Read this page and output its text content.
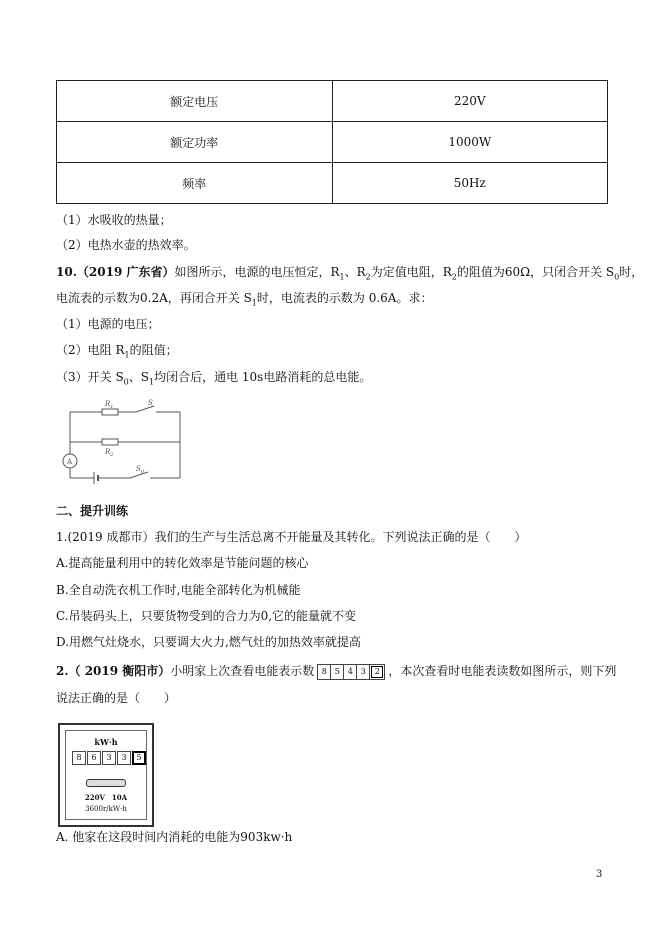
额定电压	220V
额定功率	1000W
频率	50Hz
（1）水吸收的热量；
（2）电热水壶的热效率。
10.（2019 广东省）如图所示，电源的电压恒定，$R_1$、$R_2$为定值电阻，$R_2$的阻值为60Ω，只闭合开关 $S_0$时，
电流表的示数为0.2A，再闭合开关 $S_1$时，电流表的示数为 0.6A。求：
（1）电源的电压；
（2）电阻 $R_1$的阻值；
（3）开关 $S_0$、$S_1$均闭合后，通电 10s电路消耗的总电能。
$R_1$	S
$R_2$
$S_0$
A
二、提升训练
1.(2019 成都市）我们的生产与生活总离不开能量及其转化。下列说法正确的是（　　）
A.提高能量利用中的转化效率是节能问题的核心
B.全自动洗衣机工作时,电能全部转化为机械能
C.吊装码头上，只要货物受到的合力为0,它的能量就不变
D.用燃气灶烧水，只要调大火力,燃气灶的加热效率就提高
2.（ 2019 衡阳市）小明家上次查看电能表示数 8 5 4 3	2 ，本次查看时电能表读数如图所示，则下列
说法正确的是（　　）
kW·h
8	6	3	3	5
220V　10A
3600r/kW·h
A. 他家在这段时间内消耗的电能为903kw·h
3
